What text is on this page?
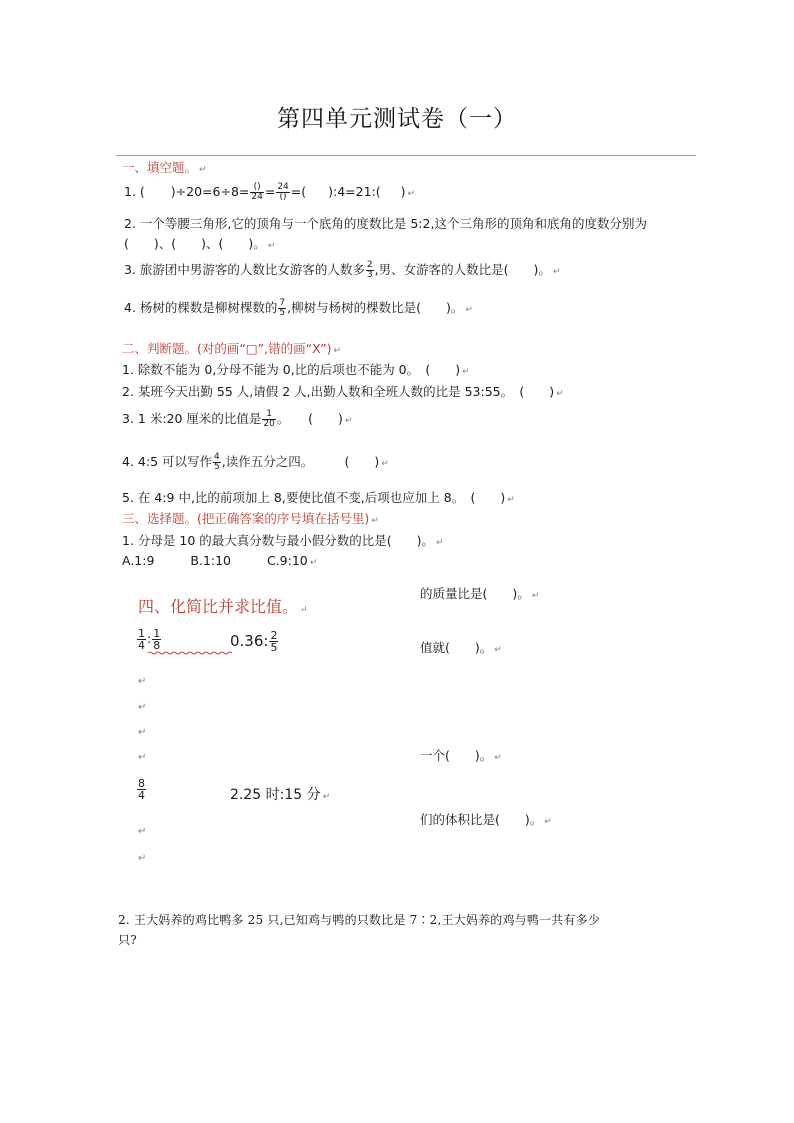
第四单元测试卷（一）
一、填空题。 ↵
1. ( )÷20=6÷8= ()
24 = 24
() =( ):4=21:( ) ↵
2. 一个等腰三角形,它的顶角与一个底角的度数比是 5:2,这个三角形的顶角和底角的度数分别为
(　　)、(　　)、(　　)。 ↵
3. 旅游团中男游客的人数比女游客的人数多 $\frac{2}{3}$ ,男、女游客的人数比是(　　)。 ↵
4. 杨树的棵数是柳树棵数的 $\frac{7}{5}$ ,柳树与杨树的棵数比是(　　)。 ↵
二、判断题。(对的画“□”,错的画“X”) ↵
1. 除数不能为 0,分母不能为 0,比的后项也不能为 0。　(　　) ↵
2. 某班今天出勤 55 人,请假 2 人,出勤人数和全班人数的比是 53:55。　(　　) ↵
3. 1 米:20 厘米的比值是 $\frac{1}{20}$ 。　　(　　) ↵
4. 4:5 可以写作 $\frac{4}{5}$ ,读作五分之四。　　　(　　) ↵
5. 在 4:9 中,比的前项加上 8,要使比值不变,后项也应加上 8。　(　　) ↵
三、选择题。(把正确答案的序号填在括号里) ↵
1. 分母是 10 的最大真分数与最小假分数的比是(　　)。 ↵
A.1:9	B.1:10	C.9:10 ↵
的质量比是(　　)。 ↵
值就(　　)。 ↵
一个(　　)。 ↵
们的体积比是(　　)。 ↵
四、化简比并求比值。 ↵
$\frac{1}{4}$ : $\frac{1}{8}$	0.36: $\frac{2}{5}$
↵
↵
↵
↵
$\frac{8}{4}$	2.25 时:15 分 ↵
↵
↵
2. 王大妈养的鸡比鸭多 25 只,已知鸡与鸭的只数比是 7∶2,王大妈养的鸡与鸭一共有多少
只?
